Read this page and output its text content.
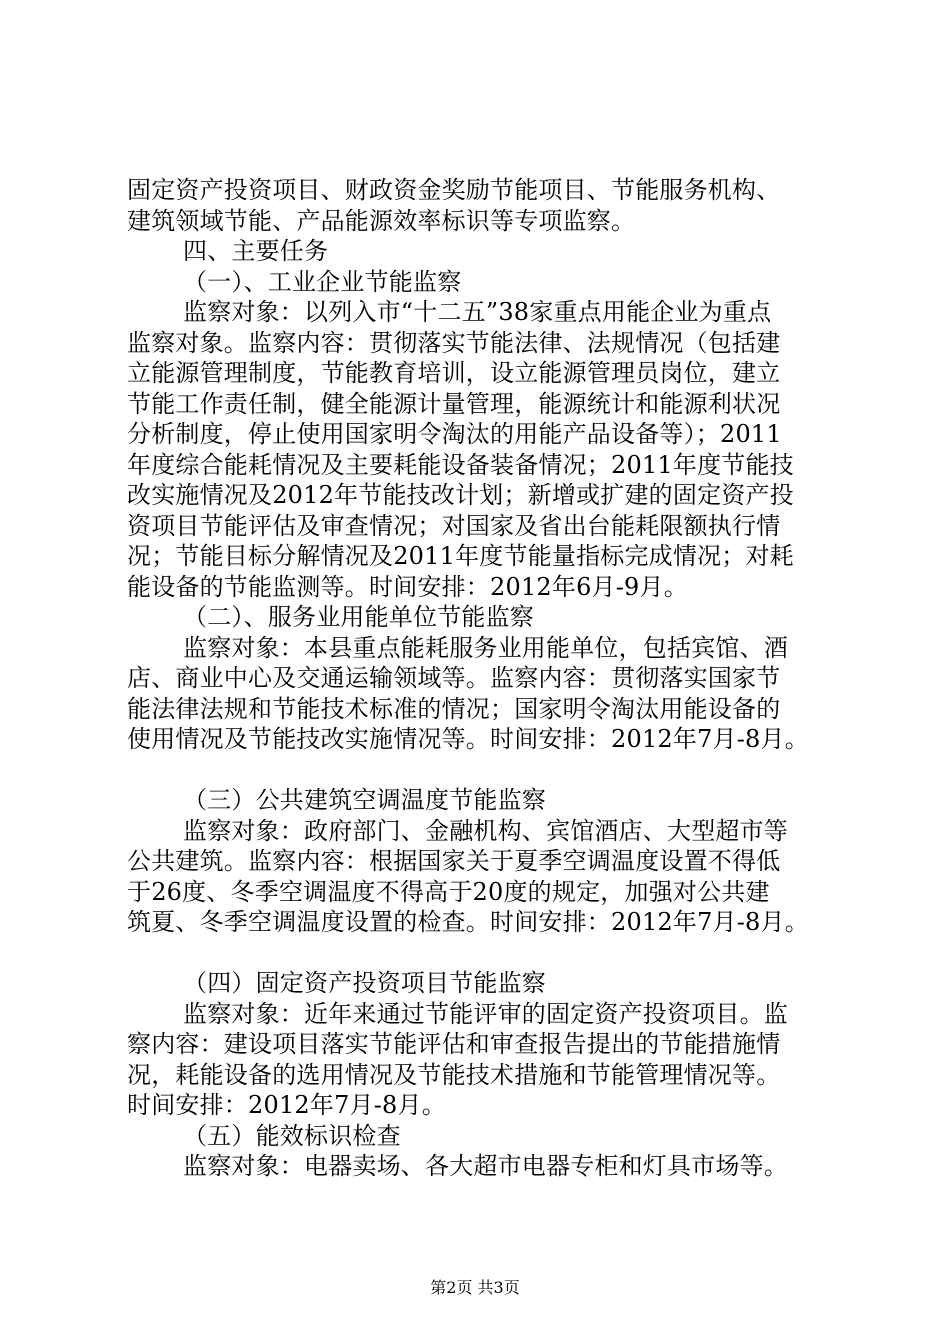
固定资产投资项目、财政资金奖励节能项目、节能服务机构、
建筑领域节能、产品能源效率标识等专项监察。
四、主要任务
（一）、工业企业节能监察
监察对象：以列入市“十二五”38家重点用能企业为重点
监察对象。监察内容：贯彻落实节能法律、法规情况（包括建
立能源管理制度，节能教育培训，设立能源管理员岗位，建立
节能工作责任制，健全能源计量管理，能源统计和能源利状况
分析制度，停止使用国家明令淘汰的用能产品设备等）；2011
年度综合能耗情况及主要耗能设备装备情况；2011年度节能技
改实施情况及2012年节能技改计划；新增或扩建的固定资产投
资项目节能评估及审查情况；对国家及省出台能耗限额执行情
况；节能目标分解情况及2011年度节能量指标完成情况；对耗
能设备的节能监测等。时间安排：2012年6月-9月。
（二）、服务业用能单位节能监察
监察对象：本县重点能耗服务业用能单位，包括宾馆、酒
店、商业中心及交通运输领域等。监察内容：贯彻落实国家节
能法律法规和节能技术标准的情况；国家明令淘汰用能设备的
使用情况及节能技改实施情况等。时间安排：2012年7月-8月。
（三）公共建筑空调温度节能监察
监察对象：政府部门、金融机构、宾馆酒店、大型超市等
公共建筑。监察内容：根据国家关于夏季空调温度设置不得低
于26度、冬季空调温度不得高于20度的规定，加强对公共建
筑夏、冬季空调温度设置的检查。时间安排：2012年7月-8月。
（四）固定资产投资项目节能监察
监察对象：近年来通过节能评审的固定资产投资项目。监
察内容：建设项目落实节能评估和审查报告提出的节能措施情
况，耗能设备的选用情况及节能技术措施和节能管理情况等。
时间安排：2012年7月-8月。
（五）能效标识检查
监察对象：电器卖场、各大超市电器专柜和灯具市场等。
第2页 共3页
